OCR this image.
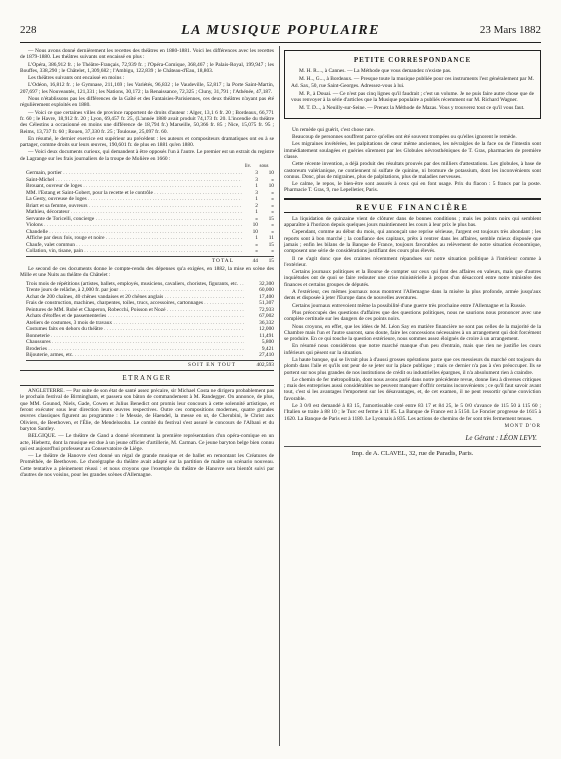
228	LA MUSIQUE POPULAIRE	23 Mars 1882

— Nous avons donné dernièrement les recettes des théâtres en 1880-1881. Voici les différences avec les recettes de 1879-1880. Les théâtres suivants ont encaissé en plus :

L'Opéra, 386,912 fr. ; le Théâtre-Français, 72,939 fr. ; l'Opéra-Comique, 368,467 ; le Palais-Royal, 199,947 ; les Bouffes, 338,290 ; le Châtelet, 1,309,682 ; l'Ambigu, 122,839 ; le Château-d'Eau, 18,803.

Les théâtres suivants ont encaissé en moins :

L'Odéon, 16,812 fr. ; le Gymnase, 211,169 ; les Variétés, 96,832 ; le Vaudeville, 52,817 ; la Porte Saint-Martin, 207,697 ; les Nouveautés, 121,331 ; les Nations, 30,172 ; la Renaissance, 72,325 ; Cluny, 31,791 ; l'Athénée, 47,187.

Nous n'établissons pas les différences de la Gaîté et des Fantaisies-Parisiennes, ces deux théâtres n'ayant pas été régulièrement exploités en 1880.

— Voici ce que certaines villes de province rapportent de droits d'auteur : Alger, 13,1 6 fr. 20 ; Bordeaux, 66,771 fr. 60 ; le Havre, 18,912 fr. 20 ; Lyon, 69,457 fr. 25, (L'année 1880 avait produit 74,173 fr. 20. L'incendie du théâtre des Célestins a occasionné en moins une différence de 18,794 fr.) Marseille, 50,366 fr. 85 ; Nice, 15,075 fr. 95 ; Reims, 13,737 fr. 60 ; Rouen, 37,330 fr. 25 ; Toulouse, 25,097 fr. 60.

En résumé, le dernier exercice est supérieur au précédent : les auteurs et compositeurs dramatiques ont eu à se partager, comme droits sur leurs œuvres, 190,601 fr. de plus en 1881 qu'en 1880.

— Voici deux documents curieux, qui demandent à être opposés l'un à l'autre. Le premier est un extrait du registre de Lagrange sur les frais journaliers de la troupe de Molière en 1660 :

liv.	sous
Germain, portier . . .	3	10
Saint-Michel . . .	3	»
Brouant, ouvreur de loges . . .	1	10
MM. l'Estang et Saint-Gobert, pour la recette et le contrôle . . .	3	»
La Gesty, ouvreuse de loges . . .	1	»
Briart et sa femme, ouvreurs . . .	2	»
Mathieu, décorateur . . .	1	»
Servante de Toricelli, concierge . . .	»	15
Violons . . .	10	»
Chandelle . . .	10	»
Affiche par deux fois, rouge et noire . . .	1	11
Chaufe, valet commun . . .	»	15
Collation, vin, tisane, pain . . .	»	»
TOTAL	44	15

Le second de ces documents donne le compte-rendu des dépenses qu'a exigées, en 1882, la mise en scène des Mille et une Nuits au théâtre du Châtelet :

Trois mois de répétitions (artistes, ballets, employés, musiciens, cavaliers, choristes, figurants, etc. . . .	32,300
Trente jours de relâche, à 2,000 fr. par jour . . .	60,000
Achat de 200 chaînes, 40 chênes vandaises et 20 chênes anglais . . .	17,400
Frais de construction, machines, charpentes, toiles, trucs, accessoires, cartonnages . . .	51,307
Peintures de MM. Rubé et Chaperon, Robecchi, Poisson et Nozé . . .	72,933
Achats d'étoffes et de passementeries . . .	67,002
Ateliers de costumes, 3 mois de travaux . . .	36,332
Costumes faits en dehors du théâtre . . .	12,000
Bonneterie . . .	11,491
Chaussures . . .	5,800
Broderies . . .	9,421
Bijouterie, armes, etc. . . .	27,410
SOIT EN TOUT	402,593
ETRANGER

ANGLETERRE. — Par suite de son état de santé assez précaire, sir Michael Costa ne dirigera probablement pas le prochain festival de Birmingham, et passera son bâton de commandement à M. Randegger. On annonce, de plus, que MM. Gounod, Niels, Gade, Cowen et Julius Benedict ont promis leur concours à cette solennité artistique, et feront exécuter sous leur direction leurs œuvres respectives. Outre ces compositions modernes, quatre grandes œuvres classiques figurent au programme : le Messie, de Haendel, la messe en ut, de Cherubini, le Christ aux Oliviers, de Beethoven, et l'Élie, de Mendelssohn. Le comité du festival s'est assuré le concours de l'Albani et du baryton Santley.

BELGIQUE. — Le théâtre de Gand a donné récemment la première représentation d'un opéra-comique en un acte, Hiebertz, dont la musique est due à un jeune officier d'artillerie, M. Carman. Ce jeune baryton belge bien connu qui est aujourd'hui professeur au Conservatoire de Liège.

— Le théâtre de Hanovre s'est donné un régal de grande musique et de ballet en remontant les Créatures de Prométhée, de Beethoven. Le chorégraphe du théâtre avait adapté sur la partition de maître un scénario nouveau. Cette tentative a pleinement réussi : et nous croyons que l'exemple du théâtre de Hanovre sera bientôt suivi par d'autres de nos voisins, pour les grandes scènes d'Allemagne.

PETITE CORRESPONDANCE

M. H. R...., à Cannes. — La Méthode que vous demandez n'existe pas.

M. H.., G..., à Bordeaux. — Presque toute la musique publiée pour ces instruments l'est généralement par M. Ad. Sax, 50, rue Saint-Georges. Adressez-vous à lui.

M. P., à Douai. — Ce n'est pas cinq lignes qu'il faudrait ; c'est un volume. Je ne puis faire autre chose que de vous renvoyer à la série d'articles que la Musique populaire a publiés récemment sur M. Richard Wagner.

M. T. D..., à Neuilly-sur-Seine. — Prenez la Méthode de Mazas. Vous y trouverez tout ce qu'il vous faut.

Un remède qui guérit, c'est chose rare.

Beaucoup de personnes souffrent parce qu'elles ont été souvent trompées ou qu'elles ignorent le remède.

Les migraines invétérées, les palpitations de cœur même anciennes, les névralgies de la face ou de l'intestin sont immédiatement soulagées et guéries sûrement par les Globules névrosthéniques de T. Gras, pharmacien de première classe.

Cette récente invention, a déjà produit des résultats prouvés par des milliers d'attestations. Les globules, à base de castoreum valérianique, ne contiennent ni sulfate de quinine, ni bromure de potassium, dont les inconvénients sont connus. Donc, plus de migraines, plus de palpitations, plus de maladies nerveuses.

Le calme, le repos, le bien-être sont assurés à ceux qui en font usage. Prix du flacon : 5 francs par la poste. Pharmacie T. Gras, 9, rue Lepelletier, Paris.

REVUE FINANCIÈRE

La liquidation de quinzaine vient de clôturer dans de bonnes conditions ; mais les points noirs qui semblent apparaître à l'horizon depuis quelques jours maintiennent les cours à leur prix le plus bas.

Cependant, comme au début du mois, qui annonçait une reprise sérieuse, l'argent est toujours très abondant ; les reports sont à bon marché ; la confiance des capitaux, prêts à rentrer dans les affaires, semble mieux disposée que jamais ; enfin les bilans de la Banque de France, toujours favorables au relèvement de notre situation économique, composent une série de considérations justifiant des cours plus élevés.

Il ne s'agit donc que des craintes récemment répandues sur notre situation politique à l'intérieur comme à l'extérieur.

Certains journaux politiques et la Bourse de compter sur ceux qui font des affaires en valeurs, mais que d'autres inquiétudes ont de quoi se faire redouter une crise ministérielle à propos d'un désaccord entre notre ministère des finances et certains groupes de députés.

A l'extérieur, ces mêmes journaux nous montrent l'Allemagne dans la misère la plus profonde, armée jusqu'aux dents et disposée à jeter l'Europe dans de nouvelles aventures.

Certains journaux entrevoient même la possibilité d'une guerre très prochaine entre l'Allemagne et la Russie.

Plus préoccupés des questions d'affaires que des questions politiques, nous ne saurions nous prononcer avec une complète certitude sur les dangers de ces points noirs.

Nous croyons, en effet, que les idées de M. Léon Say en matière financière ne sont pas celles de la majorité de la Chambre mais l'un et l'autre sauront, sans doute, faire les concessions nécessaires à un arrangement qui doit forcément se produire. En ce qui touche la question extérieure, nous sommes assez éloignés de croire à un arrangement.

En résumé nous considérons que notre marché manque d'un peu d'entrain, mais que rien ne justifie les cours inférieurs qui pèsent sur la situation.

La haute banque, qui se livrait plus à d'aussi grosses opérations parce que ces messieurs du marché ont toujours du plomb dans l'aile et qu'ils ont peur de se jeter sur la place publique ; mais ce dernier n'a pas à s'en préoccuper. Ils se portent sur nos plus grandes de nos institutions de crédit ou industrielles épargnes, il n'a absolument rien à craindre.

Le chemin de fer métropolitain, dont nous avons parlé dans notre précédente revue, donne lieu à diverses critiques ; mais des entreprises aussi considérables ne peuvent manquer d'offrir certains inconvénients ; ce qu'il faut savoir avant tout, c'est si les avantages l'emportent sur les désavantages, et, de cet examen, il ne peut ressortir qu'une conviction favorable.

Le 3 0/0 est demandé à 83 15, l'amortissable coté entre 83 17 et 84 25, le 5 0/0 s'avance de 115 50 à 115 60 ; l'Italien se traite à 88 10 ; le Turc est ferme à 11 85. La Banque de France est à 5150. Le Foncier progresse de 1615 à 1620. La Banque de Paris est à 1180. Le Lyonnais à 835. Les actions de chemins de fer sont très fermement tenues.

MONT D'OR
Le Gérant : LÉON LEVY.
Imp. de A. CLAVEL, 32, rue de Paradis, Paris.
